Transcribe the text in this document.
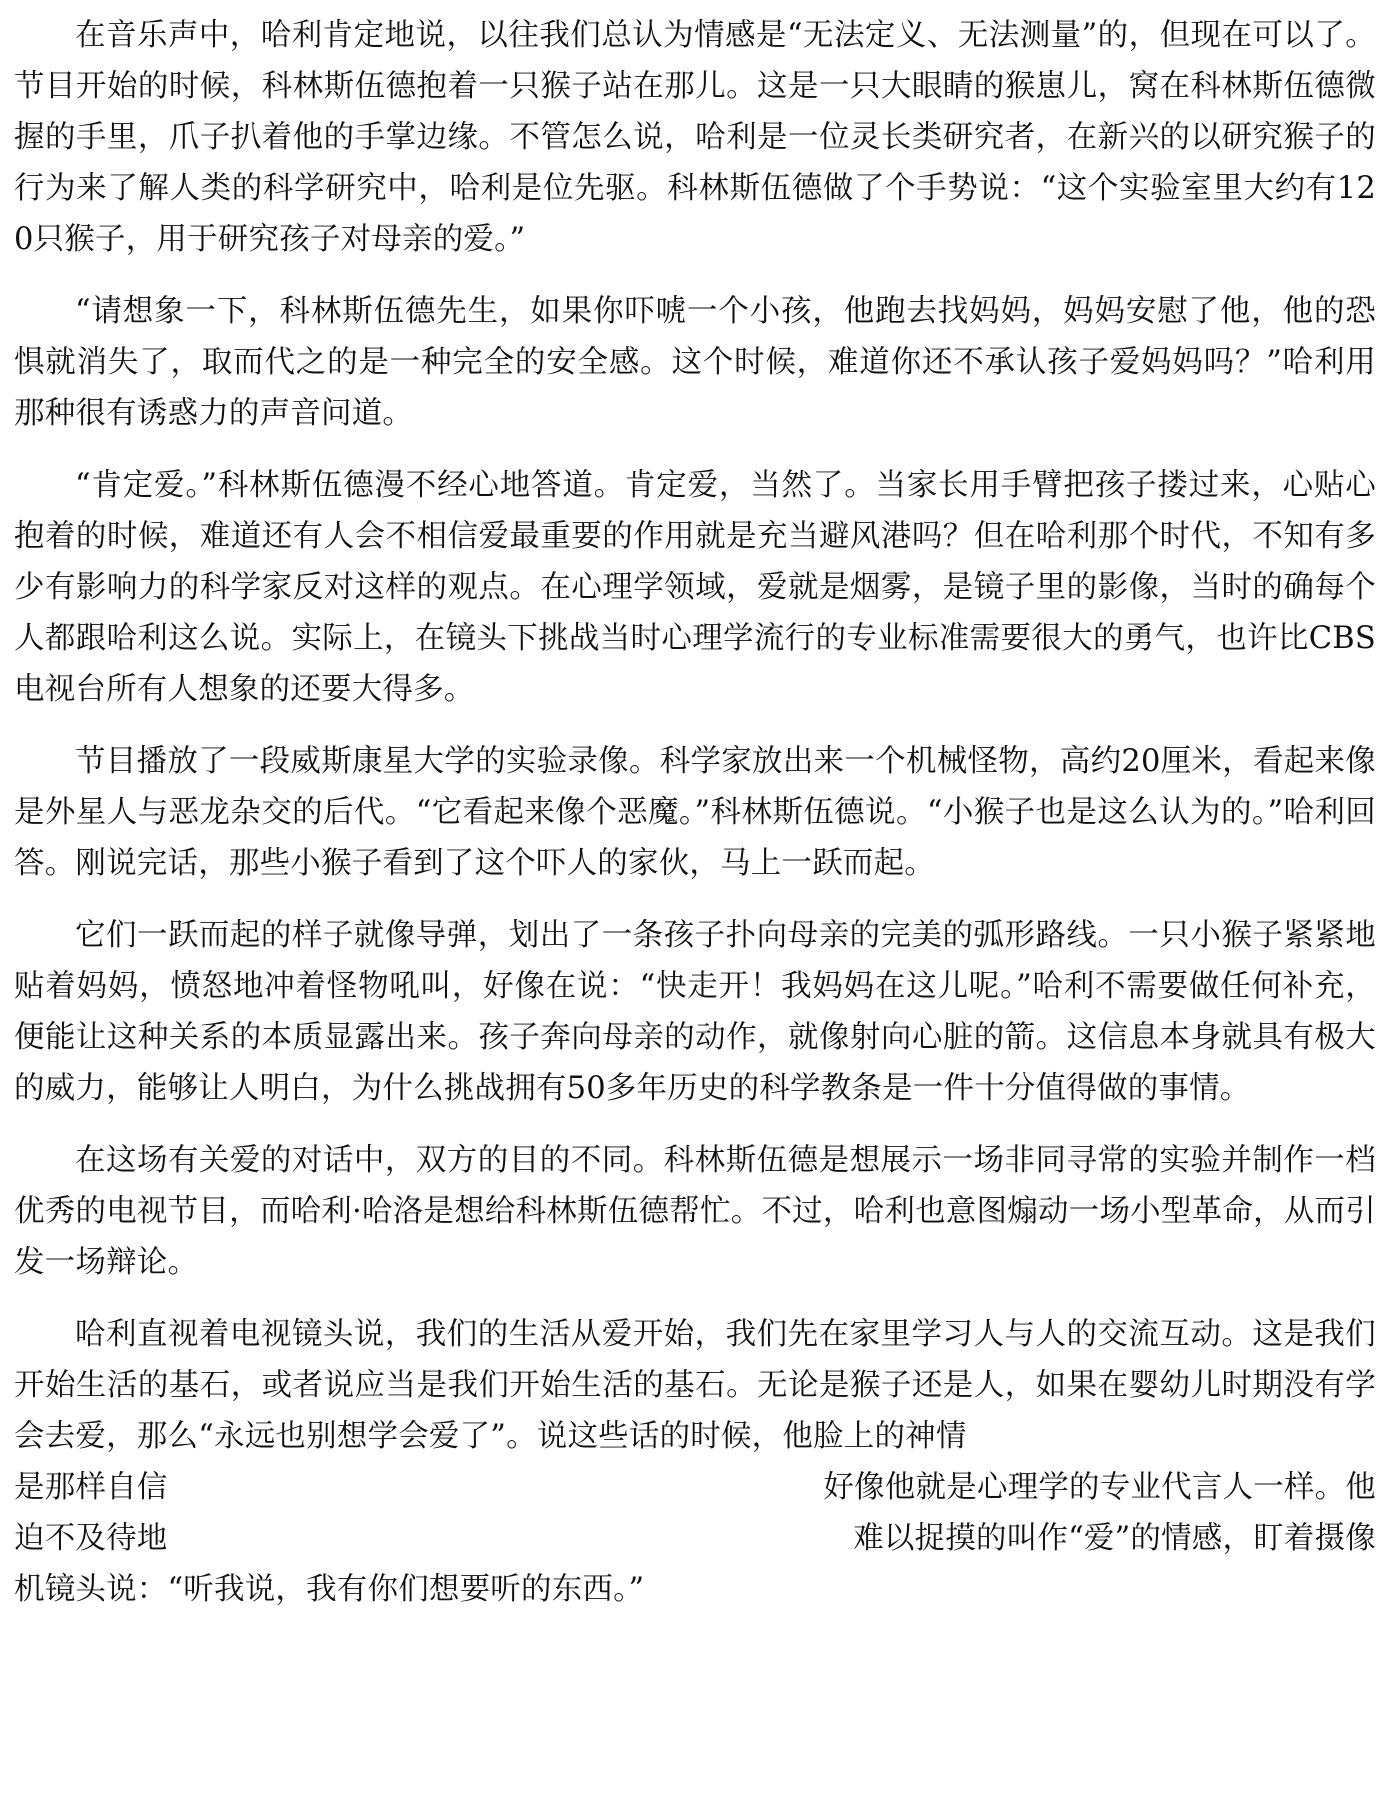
在音乐声中，哈利肯定地说，以往我们总认为情感是“无法定义、无法测量”的，但现在可以了。节目开始的时候，科林斯伍德抱着一只猴子站在那儿。这是一只大眼睛的猴崽儿，窝在科林斯伍德微握的手里，爪子扒着他的手掌边缘。不管怎么说，哈利是一位灵长类研究者，在新兴的以研究猴子的行为来了解人类的科学研究中，哈利是位先驱。科林斯伍德做了个手势说：“这个实验室里大约有120只猴子，用于研究孩子对母亲的爱。”

“请想象一下，科林斯伍德先生，如果你吓唬一个小孩，他跑去找妈妈，妈妈安慰了他，他的恐惧就消失了，取而代之的是一种完全的安全感。这个时候，难道你还不承认孩子爱妈妈吗？”哈利用那种很有诱惑力的声音问道。

“肯定爱。”科林斯伍德漫不经心地答道。肯定爱，当然了。当家长用手臂把孩子搂过来，心贴心抱着的时候，难道还有人会不相信爱最重要的作用就是充当避风港吗？但在哈利那个时代，不知有多少有影响力的科学家反对这样的观点。在心理学领域，爱就是烟雾，是镜子里的影像，当时的确每个人都跟哈利这么说。实际上，在镜头下挑战当时心理学流行的专业标准需要很大的勇气，也许比CBS电视台所有人想象的还要大得多。

节目播放了一段威斯康星大学的实验录像。科学家放出来一个机械怪物，高约20厘米，看起来像是外星人与恶龙杂交的后代。“它看起来像个恶魔。”科林斯伍德说。“小猴子也是这么认为的。”哈利回答。刚说完话，那些小猴子看到了这个吓人的家伙，马上一跃而起。

它们一跃而起的样子就像导弹，划出了一条孩子扑向母亲的完美的弧形路线。一只小猴子紧紧地贴着妈妈，愤怒地冲着怪物吼叫，好像在说：“快走开！我妈妈在这儿呢。”哈利不需要做任何补充，便能让这种关系的本质显露出来。孩子奔向母亲的动作，就像射向心脏的箭。这信息本身就具有极大的威力，能够让人明白，为什么挑战拥有50多年历史的科学教条是一件十分值得做的事情。

在这场有关爱的对话中，双方的目的不同。科林斯伍德是想展示一场非同寻常的实验并制作一档优秀的电视节目，而哈利·哈洛是想给科林斯伍德帮忙。不过，哈利也意图煽动一场小型革命，从而引发一场辩论。

哈利直视着电视镜头说，我们的生活从爱开始，我们先在家里学习人与人的交流互动。这是我们开始生活的基石，或者说应当是我们开始生活的基石。无论是猴子还是人，如果在婴幼儿时期没有学会去爱，那么“永远也别想学会爱了”。说这些话的时候，他脸上的神情

是那样自信	好像他就是心理学的专业代言人一样。他
迫不及待地	难以捉摸的叫作“爱”的情感，盯着摄像
机镜头说：“听我说，我有你们想要听的东西。”
